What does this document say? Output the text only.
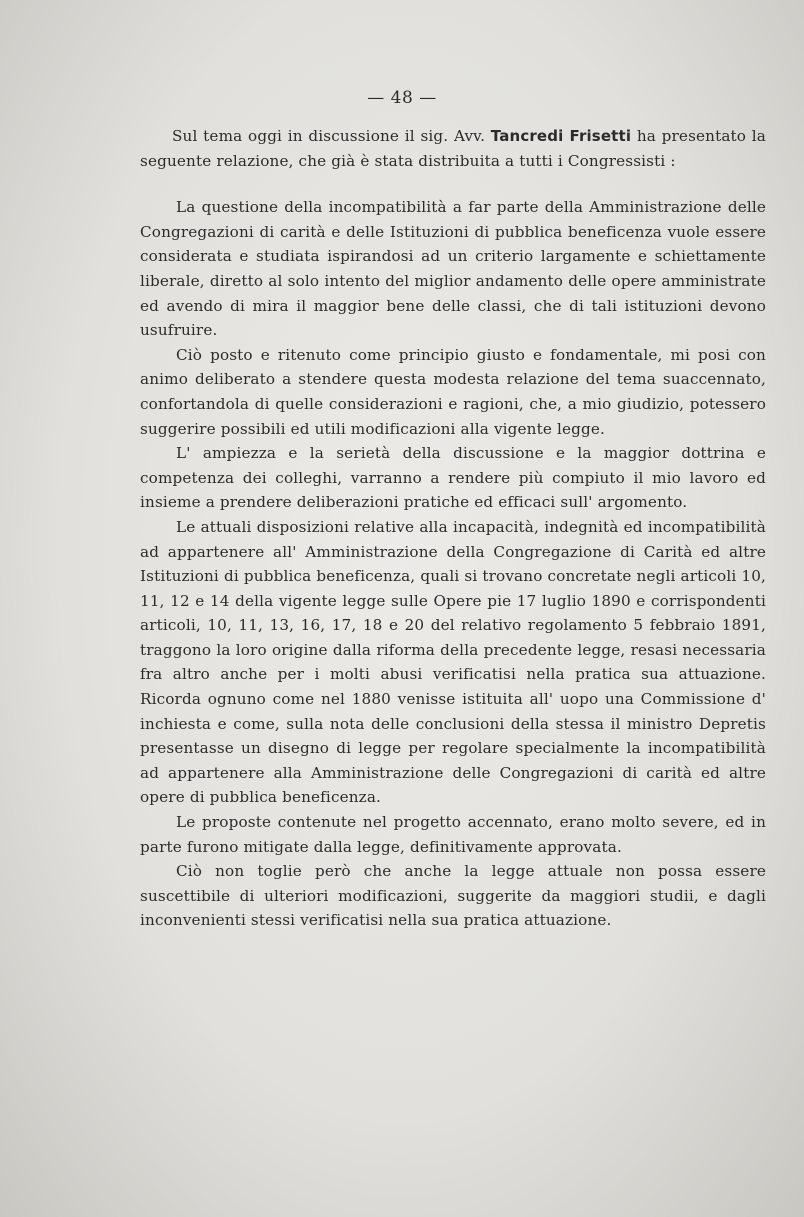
— 48 —

Sul tema oggi in discussione il sig. Avv. Tancredi Frisetti ha presentato la seguente relazione, che già è stata distribuita a tutti i Congressisti :

La questione della incompatibilità a far parte della Amministrazione delle Congregazioni di carità e delle Istituzioni di pubblica beneficenza vuole essere considerata e studiata ispirandosi ad un criterio largamente e schiettamente liberale, diretto al solo intento del miglior andamento delle opere amministrate ed avendo di mira il maggior bene delle classi, che di tali istituzioni devono usufruire.

Ciò posto e ritenuto come principio giusto e fondamentale, mi posi con animo deliberato a stendere questa modesta relazione del tema suaccennato, confortandola di quelle considerazioni e ragioni, che, a mio giudizio, potessero suggerire possibili ed utili modificazioni alla vigente legge.

L' ampiezza e la serietà della discussione e la maggior dottrina e competenza dei colleghi, varranno a rendere più compiuto il mio lavoro ed insieme a prendere deliberazioni pratiche ed efficaci sull' argomento.

Le attuali disposizioni relative alla incapacità, indegnità ed incompatibilità ad appartenere all' Amministrazione della Congregazione di Carità ed altre Istituzioni di pubblica beneficenza, quali si trovano concretate negli articoli 10, 11, 12 e 14 della vigente legge sulle Opere pie 17 luglio 1890 e corrispondenti articoli, 10, 11, 13, 16, 17, 18 e 20 del relativo regolamento 5 febbraio 1891, traggono la loro origine dalla riforma della precedente legge, resasi necessaria fra altro anche per i molti abusi verificatisi nella pratica sua attuazione. Ricorda ognuno come nel 1880 venisse istituita all' uopo una Commissione d' inchiesta e come, sulla nota delle conclusioni della stessa il ministro Depretis presentasse un disegno di legge per regolare specialmente la incompatibilità ad appartenere alla Amministrazione delle Congregazioni di carità ed altre opere di pubblica beneficenza.

Le proposte contenute nel progetto accennato, erano molto severe, ed in parte furono mitigate dalla legge, definitivamente approvata.

Ciò non toglie però che anche la legge attuale non possa essere suscettibile di ulteriori modificazioni, suggerite da maggiori studii, e dagli inconvenienti stessi verificatisi nella sua pratica attuazione.
